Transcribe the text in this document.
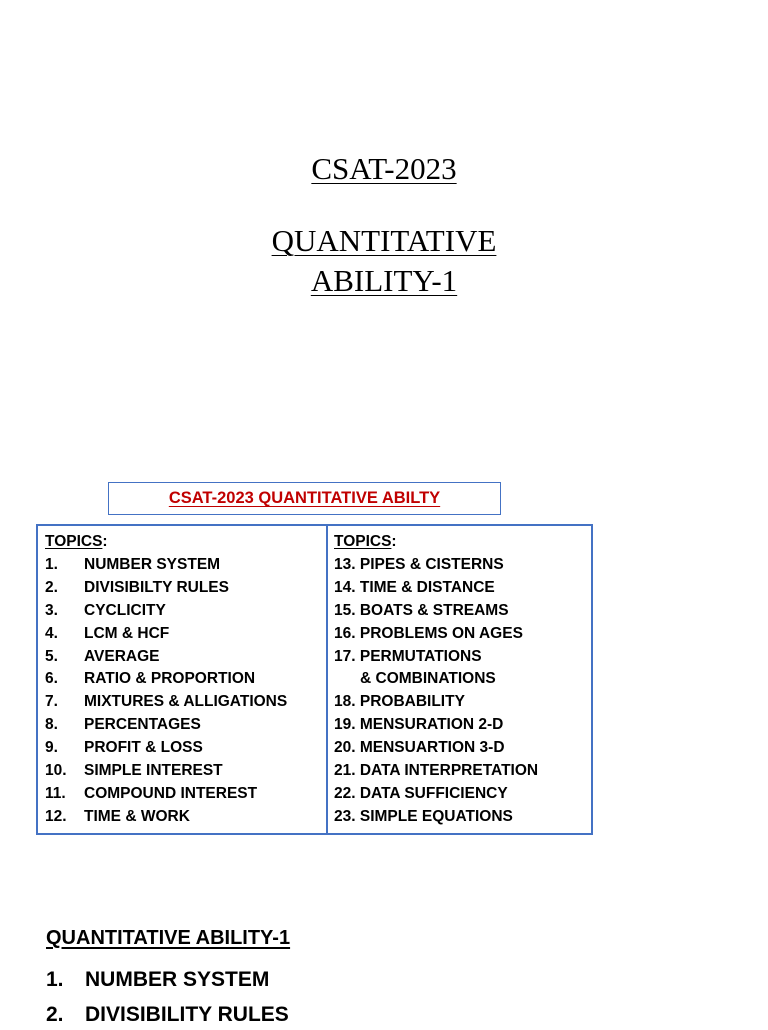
CSAT-2023
QUANTITATIVE
ABILITY-1
CSAT-2023 QUANTITATIVE ABILTY
TOPICS :
1.	NUMBER SYSTEM
2.	DIVISIBILTY RULES
3.	CYCLICITY
4.	LCM & HCF
5.	AVERAGE
6.	RATIO & PROPORTION
7.	MIXTURES & ALLIGATIONS
8.	PERCENTAGES
9.	PROFIT & LOSS
10.	SIMPLE INTEREST
11.	COMPOUND INTEREST
12.	TIME & WORK
TOPICS :
13. PIPES & CISTERNS
14. TIME & DISTANCE
15. BOATS & STREAMS
16. PROBLEMS ON AGES
17. PERMUTATIONS
& COMBINATIONS
18. PROBABILITY
19. MENSURATION 2-D
20. MENSUARTION 3-D
21. DATA INTERPRETATION
22. DATA SUFFICIENCY
23. SIMPLE EQUATIONS
QUANTITATIVE ABILITY-1
1.	NUMBER SYSTEM
2.	DIVISIBILITY RULES
